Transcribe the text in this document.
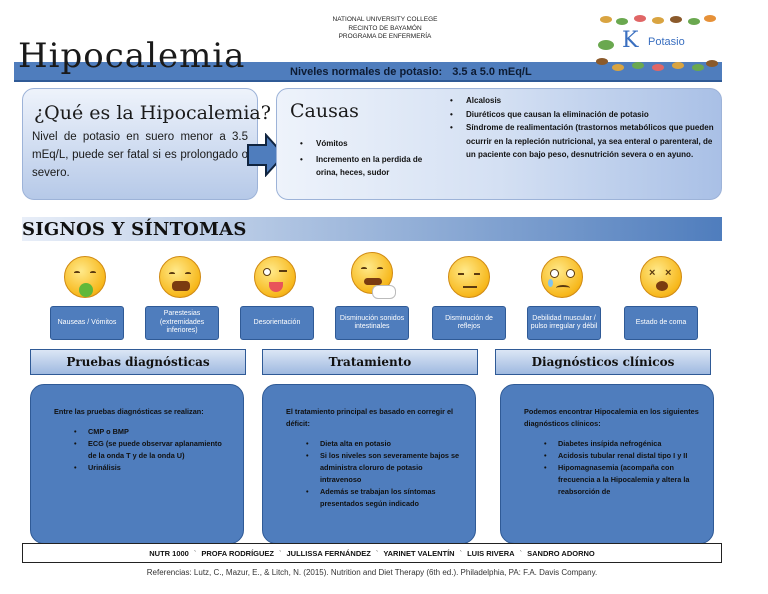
NATIONAL UNIVERSITY COLLEGE
RECINTO DE BAYAMÓN
PROGRAMA DE ENFERMERÍA
Hipocalemia	Niveles normales de potasio: 3.5 a 5.0 mEq/L
K Potasio
¿Qué es la Hipocalemia?
Nivel de potasio en suero menor a 3.5 mEq/L, puede ser fatal si es prolongado o severo.
Causas
• Vómitos
• Incremento en la perdida de orina, heces, sudor
• Alcalosis
• Diuréticos que causan la eliminación de potasio
• Síndrome de realimentación (trastornos metabólicos que pueden ocurrir en la repleción nutricional, ya sea enteral o parenteral, de un paciente con bajo peso, desnutrición severa o en ayuno.
SIGNOS Y SÍNTOMAS
× ×
Nauseas / Vómitos
Parestesias (extremidades inferiores)
Desorientación
Disminución sonidos intestinales
Disminución de reflejos
Debilidad muscular / pulso irregular y débil
Estado de coma
Pruebas diagnósticas	Tratamiento	Diagnósticos clínicos
Entre las pruebas diagnósticas se realizan:
• CMP o BMP
• ECG (se puede observar aplanamiento de la onda T y de la onda U)
• Urinálisis
El tratamiento principal es basado en corregir el déficit:
• Dieta alta en potasio
• Si los niveles son severamente bajos se administra cloruro de potasio intravenoso
• Además se trabajan los síntomas presentados según indicado
Podemos encontrar Hipocalemia en los siguientes diagnósticos clínicos:
• Diabetes insípida nefrogénica
• Acidosis tubular renal distal tipo I y II
• Hipomagnasemia (acompaña con frecuencia a la Hipocalemia y altera la reabsorción de
NUTR 1000 ` PROFA RODRÍGUEZ ` JULLISSA FERNÁNDEZ ` YARINET VALENTÍN ` LUIS RIVERA ` SANDRO ADORNO
Referencias: Lutz, C., Mazur, E., & Litch, N. (2015). Nutrition and Diet Therapy (6th ed.). Philadelphia, PA: F.A. Davis Company.
